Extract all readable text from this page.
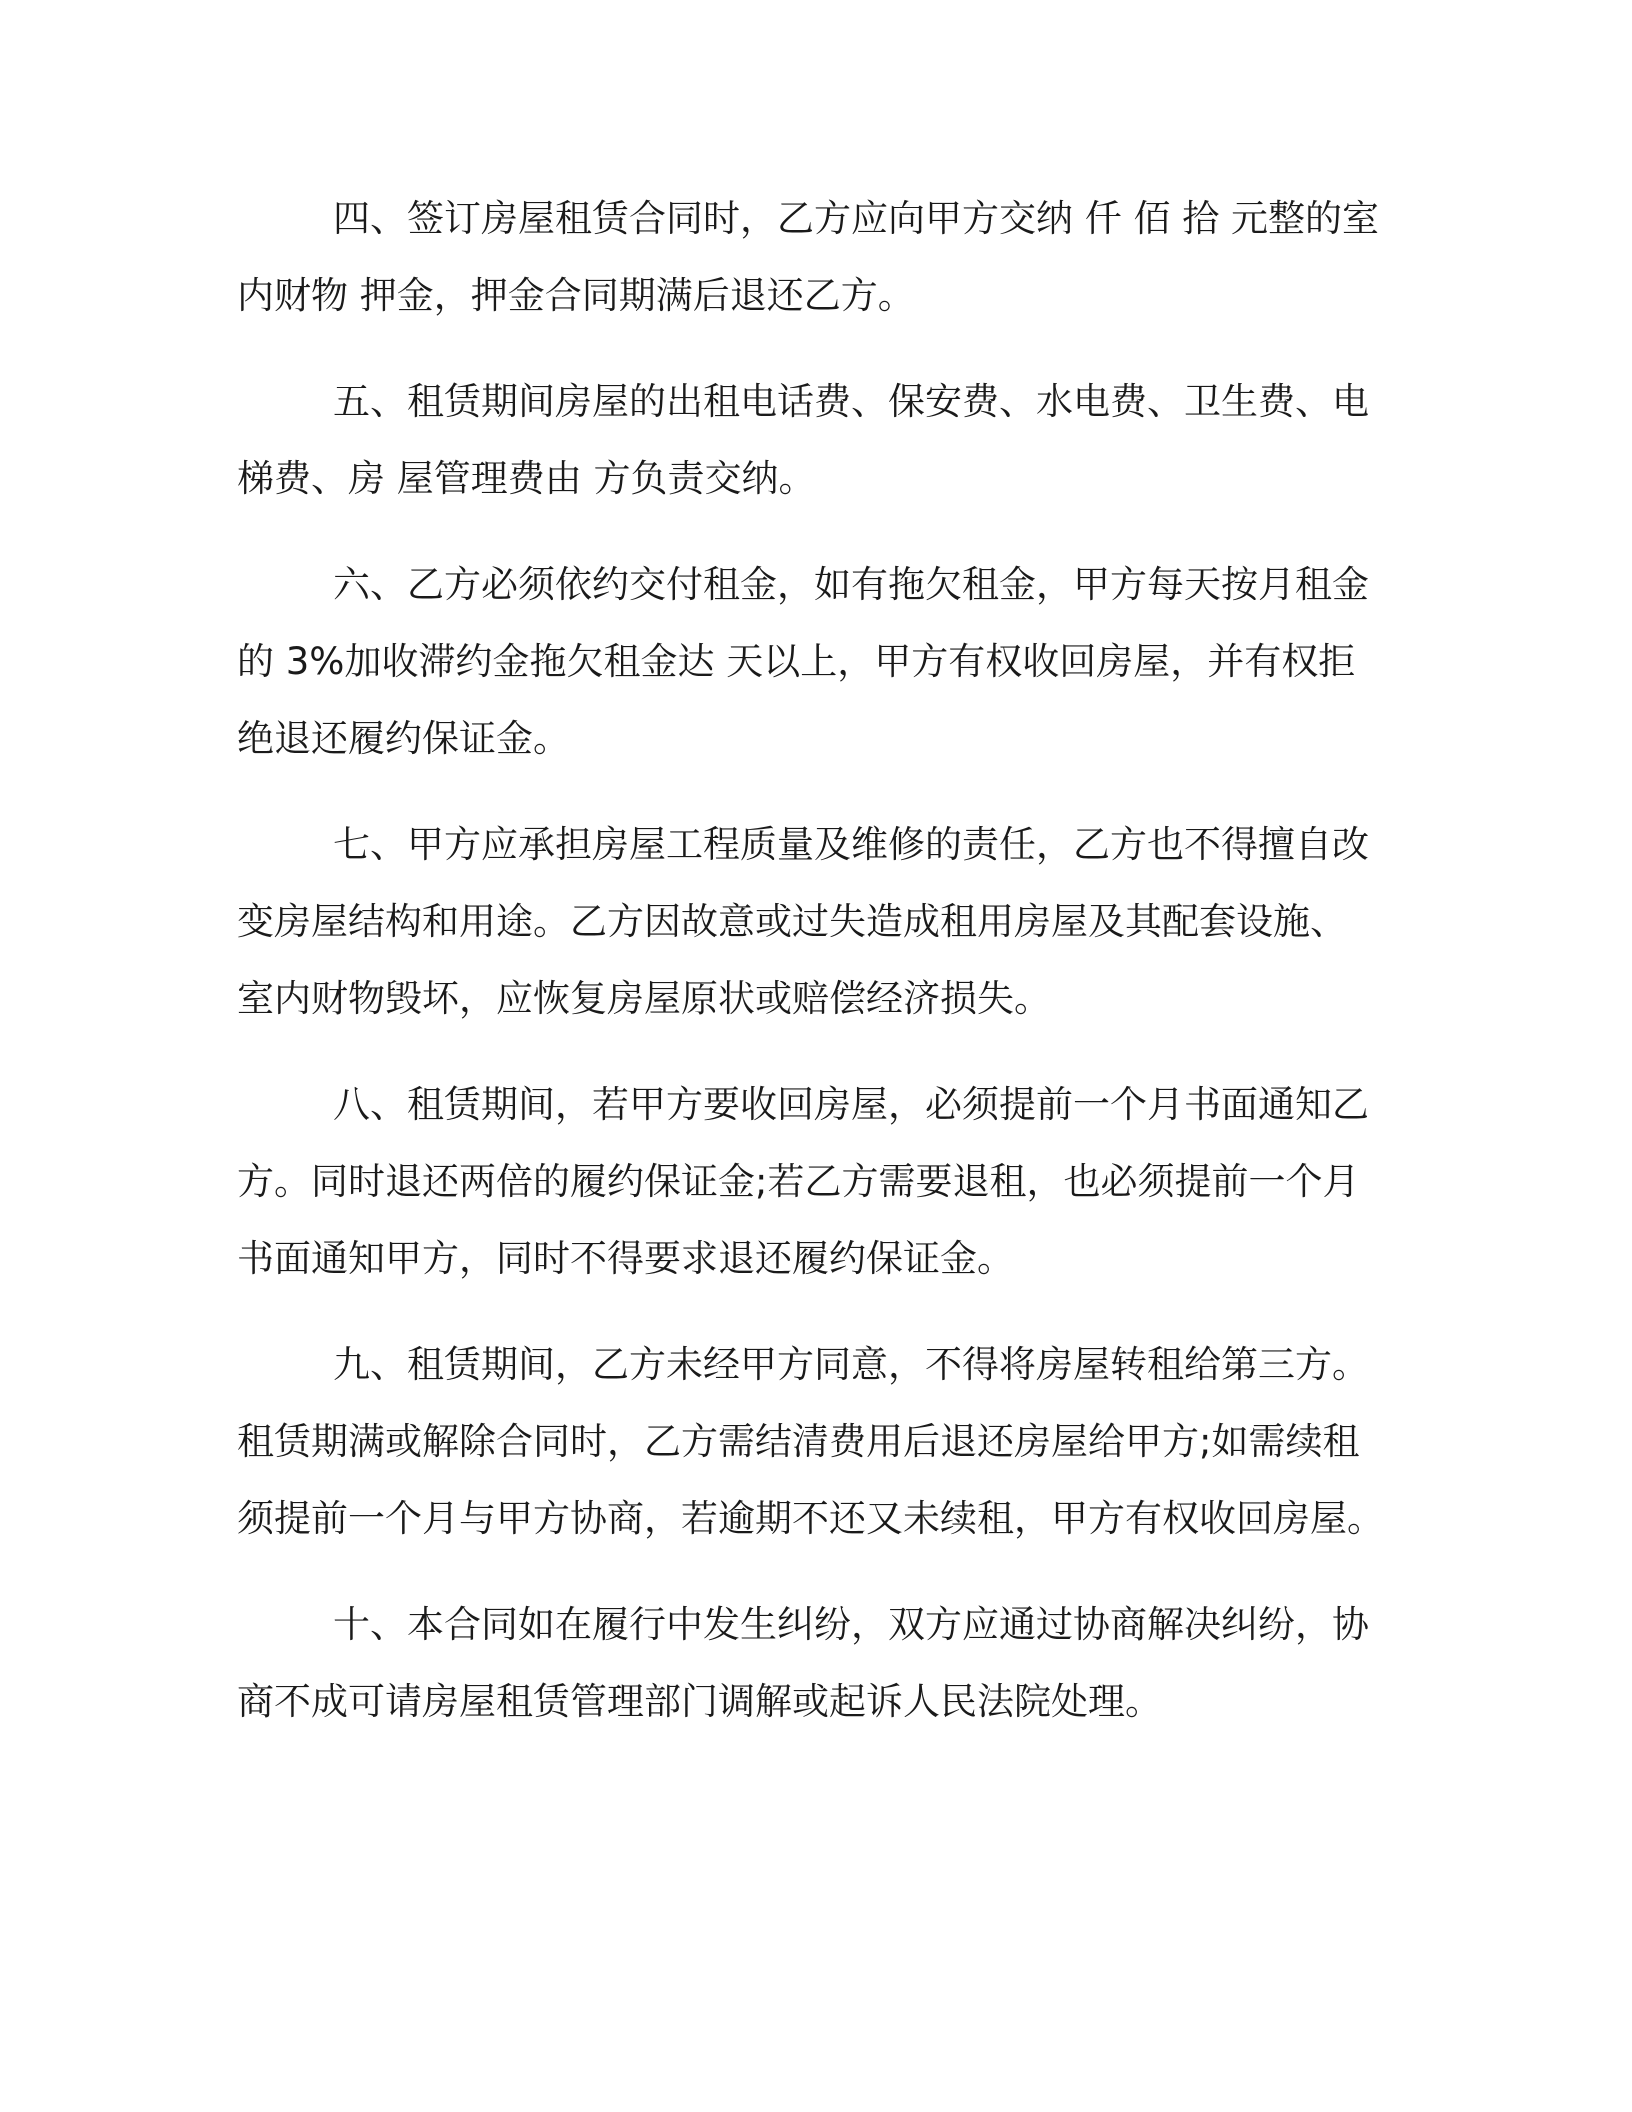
四、签订房屋租赁合同时，乙方应向甲方交纳 仟 佰 拾 元整的室
内财物 押金，押金合同期满后退还乙方。

五、租赁期间房屋的出租电话费、保安费、水电费、卫生费、电
梯费、房 屋管理费由 方负责交纳。

六、乙方必须依约交付租金，如有拖欠租金，甲方每天按月租金
的 3%加收滞约金拖欠租金达 天以上，甲方有权收回房屋，并有权拒
绝退还履约保证金。

七、甲方应承担房屋工程质量及维修的责任，乙方也不得擅自改
变房屋结构和用途。乙方因故意或过失造成租用房屋及其配套设施、
室内财物毁坏，应恢复房屋原状或赔偿经济损失。

八、租赁期间，若甲方要收回房屋，必须提前一个月书面通知乙
方。同时退还两倍的履约保证金;若乙方需要退租，也必须提前一个月
书面通知甲方，同时不得要求退还履约保证金。

九、租赁期间，乙方未经甲方同意，不得将房屋转租给第三方。
租赁期满或解除合同时，乙方需结清费用后退还房屋给甲方;如需续租
须提前一个月与甲方协商，若逾期不还又未续租，甲方有权收回房屋。

十、本合同如在履行中发生纠纷，双方应通过协商解决纠纷，协
商不成可请房屋租赁管理部门调解或起诉人民法院处理。
